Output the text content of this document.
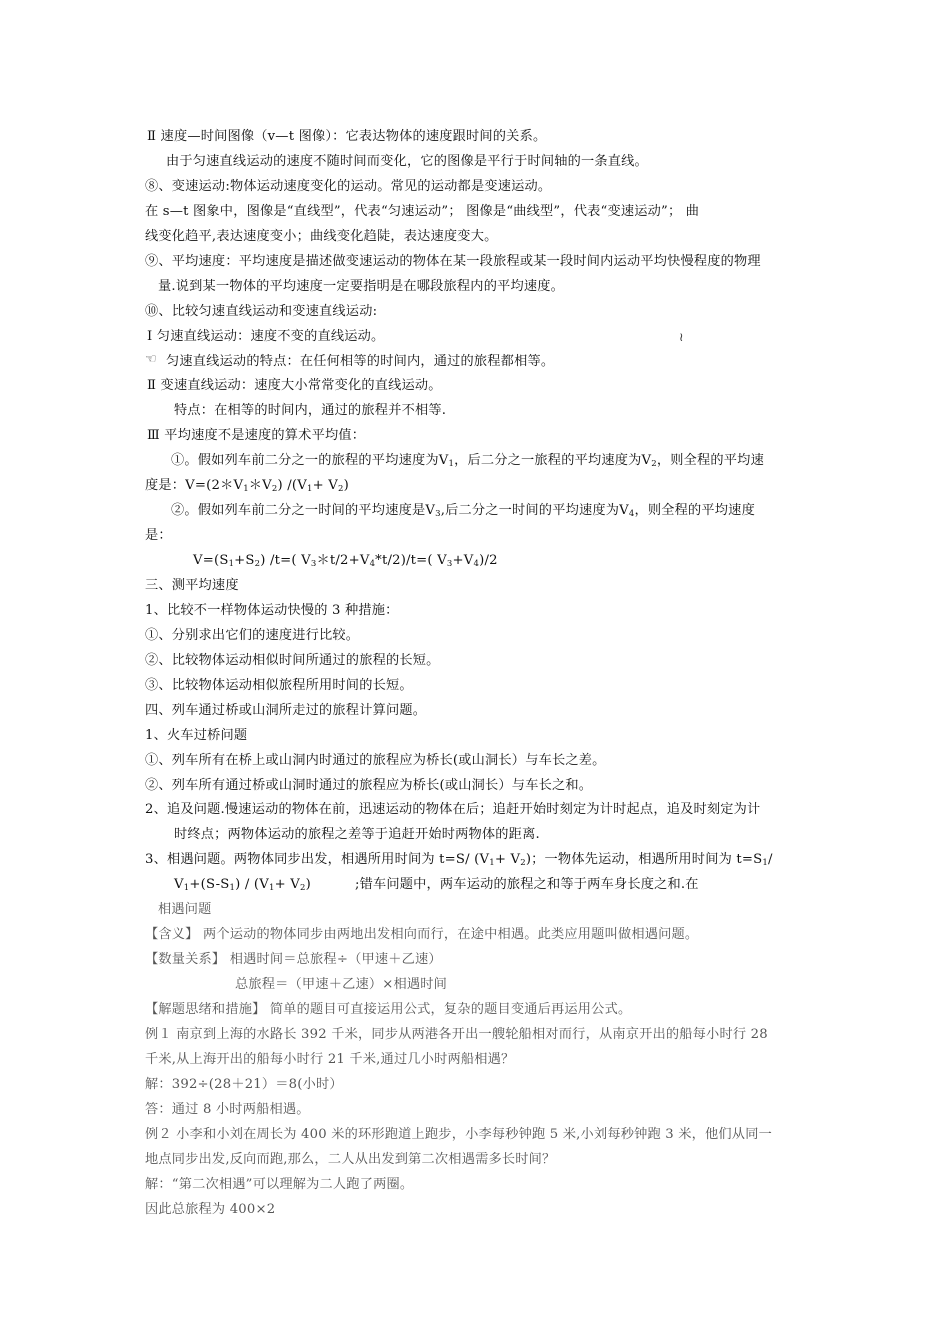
Ⅱ 速度—时间图像（v—t 图像）：它表达物体的速度跟时间的关系。
由于匀速直线运动的速度不随时间而变化，它的图像是平行于时间轴的一条直线。
⑧、变速运动:物体运动速度变化的运动。常见的运动都是变速运动。
在 s—t 图象中，图像是“直线型”，代表“匀速运动”； 图像是“曲线型”，代表“变速运动”； 曲
线变化趋平,表达速度变小；曲线变化趋陡，表达速度变大。
⑨、平均速度：平均速度是描述做变速运动的物体在某一段旅程或某一段时间内运动平均快慢程度的物理
量.说到某一物体的平均速度一定要指明是在哪段旅程内的平均速度。
⑩、比较匀速直线运动和变速直线运动:
Ⅰ 匀速直线运动：速度不变的直线运动。	≀
☜ 匀速直线运动的特点：在任何相等的时间内，通过的旅程都相等。
Ⅱ 变速直线运动：速度大小常常变化的直线运动。
特点：在相等的时间内，通过的旅程并不相等.
Ⅲ 平均速度不是速度的算术平均值：
①。假如列车前二分之一的旅程的平均速度为$V_1$，后二分之一旅程的平均速度为$V_2$，则全程的平均速
度是：$V=(2*V_1*V_2)$ $/(V_1+ V_2)$
②。假如列车前二分之一时间的平均速度是$V_3$,后二分之一时间的平均速度为$V_4$，则全程的平均速度
是：
$V=(S_1+S_2)$ /t=( $V_3*t/2+V_4*t/2)/t=$( $V_3+V_4)/2$
三、测平均速度
1、比较不一样物体运动快慢的 3 种措施：
①、分别求出它们的速度进行比较。
②、比较物体运动相似时间所通过的旅程的长短。
③、比较物体运动相似旅程所用时间的长短。
四、列车通过桥或山洞所走过的旅程计算问题。
1、火车过桥问题
①、列车所有在桥上或山洞内时通过的旅程应为桥长(或山洞长）与车长之差。
②、列车所有通过桥或山洞时通过的旅程应为桥长(或山洞长）与车长之和。
2、追及问题.慢速运动的物体在前，迅速运动的物体在后；追赶开始时刻定为计时起点，追及时刻定为计
时终点；两物体运动的旅程之差等于追赶开始时两物体的距离.
3、相遇问题。两物体同步出发，相遇所用时间为 t=S/ $(V_1+ V_2)$；一物体先运动，相遇所用时间为 $t=S_1/$
$V_1+(S-S_1) / (V_1+ V_2)$	;错车问题中，两车运动的旅程之和等于两车身长度之和.在
相遇问题
【含义】 两个运动的物体同步由两地出发相向而行，在途中相遇。此类应用题叫做相遇问题。
【数量关系】 相遇时间＝总旅程÷（甲速＋乙速）
总旅程＝（甲速＋乙速）×相遇时间
【解题思绪和措施】 简单的题目可直接运用公式，复杂的题目变通后再运用公式。
例１ 南京到上海的水路长 392 千米，同步从两港各开出一艘轮船相对而行，从南京开出的船每小时行 28
千米,从上海开出的船每小时行 21 千米,通过几小时两船相遇？
解：392÷(28＋21）＝8(小时）
答：通过 8 小时两船相遇。
例２ 小李和小刘在周长为 400 米的环形跑道上跑步，小李每秒钟跑 5 米,小刘每秒钟跑 3 米，他们从同一
地点同步出发,反向而跑,那么，二人从出发到第二次相遇需多长时间？
解：“第二次相遇”可以理解为二人跑了两圈。
因此总旅程为 400×2
